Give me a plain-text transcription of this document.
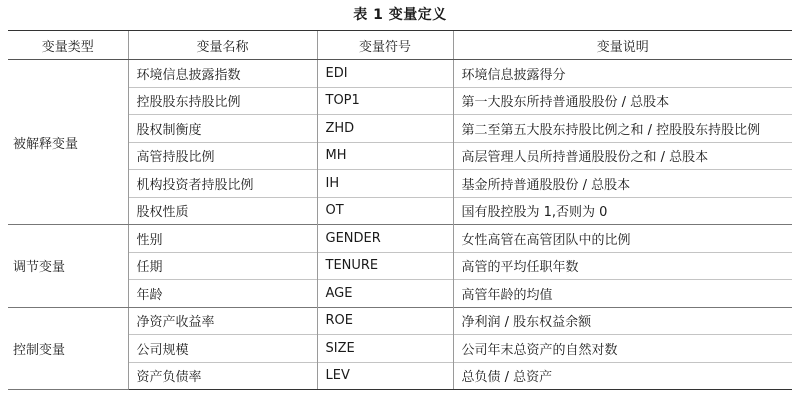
表 1 变量定义
变量类型	变量名称	变量符号	变量说明
被解释变量	环境信息披露指数	EDI	环境信息披露得分
	控股股东持股比例	TOP1	第一大股东所持普通股股份 / 总股本
	股权制衡度	ZHD	第二至第五大股东持股比例之和 / 控股股东持股比例
	高管持股比例	MH	高层管理人员所持普通股股份之和 / 总股本
	机构投资者持股比例	IH	基金所持普通股股份 / 总股本
	股权性质	OT	国有股控股为 1,否则为 0
调节变量	性别	GENDER	女性高管在高管团队中的比例
	任期	TENURE	高管的平均任职年数
	年龄	AGE	高管年龄的均值
控制变量	净资产收益率	ROE	净利润 / 股东权益余额
	公司规模	SIZE	公司年末总资产的自然对数
	资产负债率	LEV	总负债 / 总资产
